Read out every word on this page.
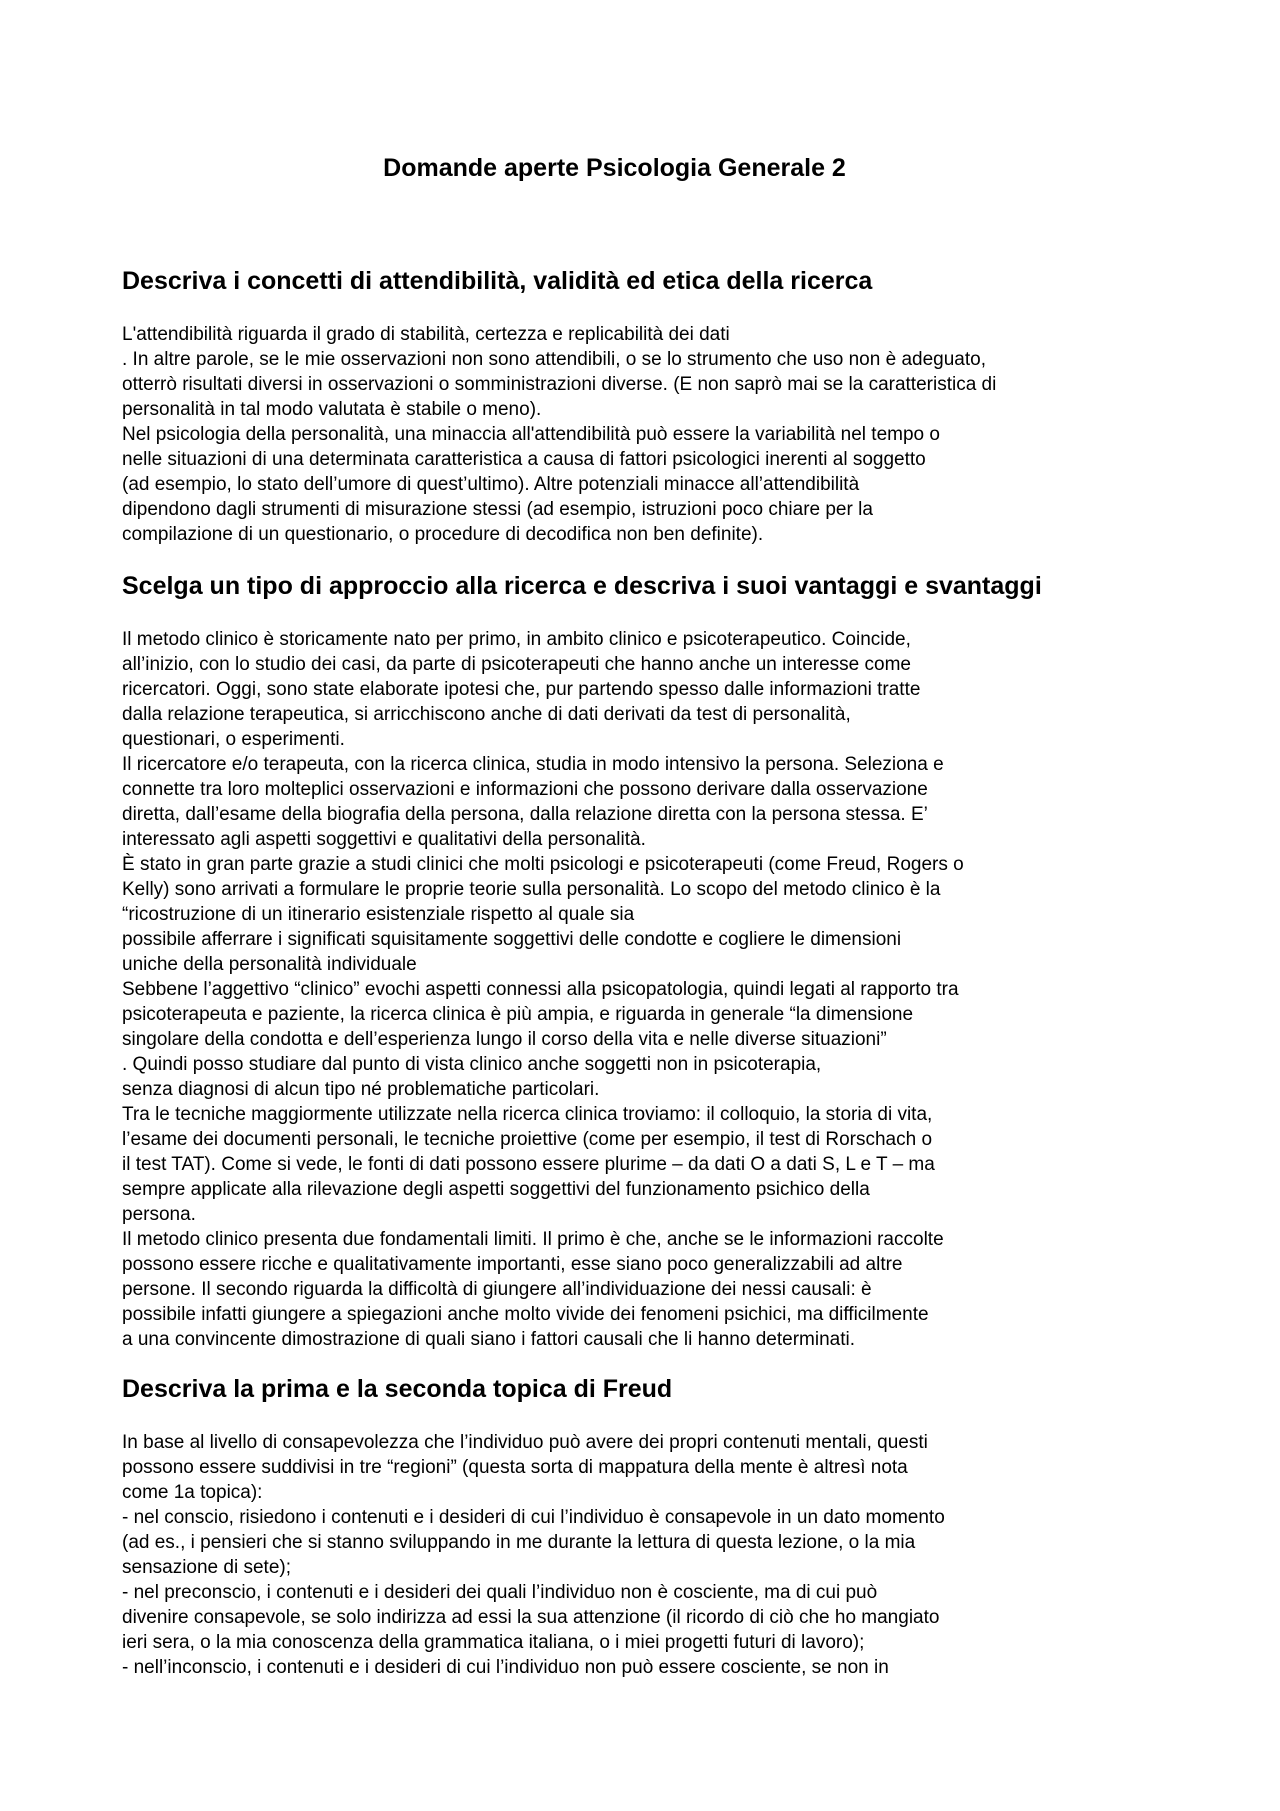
Domande aperte Psicologia Generale 2
Descriva i concetti di attendibilità, validità ed etica della ricerca
L'attendibilità riguarda il grado di stabilità, certezza e replicabilità dei dati
. In altre parole, se le mie osservazioni non sono attendibili, o se lo strumento che uso non è adeguato,
otterrò risultati diversi in osservazioni o somministrazioni diverse. (E non saprò mai se la caratteristica di
personalità in tal modo valutata è stabile o meno).
Nel psicologia della personalità, una minaccia all'attendibilità può essere la variabilità nel tempo o
nelle situazioni di una determinata caratteristica a causa di fattori psicologici inerenti al soggetto
(ad esempio, lo stato dell’umore di quest’ultimo). Altre potenziali minacce all’attendibilità
dipendono dagli strumenti di misurazione stessi (ad esempio, istruzioni poco chiare per la
compilazione di un questionario, o procedure di decodifica non ben definite).
Scelga un tipo di approccio alla ricerca e descriva i suoi vantaggi e svantaggi
Il metodo clinico è storicamente nato per primo, in ambito clinico e psicoterapeutico. Coincide,
all’inizio, con lo studio dei casi, da parte di psicoterapeuti che hanno anche un interesse come
ricercatori. Oggi, sono state elaborate ipotesi che, pur partendo spesso dalle informazioni tratte
dalla relazione terapeutica, si arricchiscono anche di dati derivati da test di personalità,
questionari, o esperimenti.
Il ricercatore e/o terapeuta, con la ricerca clinica, studia in modo intensivo la persona. Seleziona e
connette tra loro molteplici osservazioni e informazioni che possono derivare dalla osservazione
diretta, dall’esame della biografia della persona, dalla relazione diretta con la persona stessa. E’
interessato agli aspetti soggettivi e qualitativi della personalità.
È stato in gran parte grazie a studi clinici che molti psicologi e psicoterapeuti (come Freud, Rogers o
Kelly) sono arrivati a formulare le proprie teorie sulla personalità. Lo scopo del metodo clinico è la
“ricostruzione di un itinerario esistenziale rispetto al quale sia
possibile afferrare i significati squisitamente soggettivi delle condotte e cogliere le dimensioni
uniche della personalità individuale
Sebbene l’aggettivo “clinico” evochi aspetti connessi alla psicopatologia, quindi legati al rapporto tra
psicoterapeuta e paziente, la ricerca clinica è più ampia, e riguarda in generale “la dimensione
singolare della condotta e dell’esperienza lungo il corso della vita e nelle diverse situazioni”
. Quindi posso studiare dal punto di vista clinico anche soggetti non in psicoterapia,
senza diagnosi di alcun tipo né problematiche particolari.
Tra le tecniche maggiormente utilizzate nella ricerca clinica troviamo: il colloquio, la storia di vita,
l’esame dei documenti personali, le tecniche proiettive (come per esempio, il test di Rorschach o
il test TAT). Come si vede, le fonti di dati possono essere plurime – da dati O a dati S, L e T – ma
sempre applicate alla rilevazione degli aspetti soggettivi del funzionamento psichico della
persona.
Il metodo clinico presenta due fondamentali limiti. Il primo è che, anche se le informazioni raccolte
possono essere ricche e qualitativamente importanti, esse siano poco generalizzabili ad altre
persone. Il secondo riguarda la difficoltà di giungere all’individuazione dei nessi causali: è
possibile infatti giungere a spiegazioni anche molto vivide dei fenomeni psichici, ma difficilmente
a una convincente dimostrazione di quali siano i fattori causali che li hanno determinati.
Descriva la prima e la seconda topica di Freud
In base al livello di consapevolezza che l’individuo può avere dei propri contenuti mentali, questi
possono essere suddivisi in tre “regioni” (questa sorta di mappatura della mente è altresì nota
come 1a topica):
- nel conscio, risiedono i contenuti e i desideri di cui l’individuo è consapevole in un dato momento
(ad es., i pensieri che si stanno sviluppando in me durante la lettura di questa lezione, o la mia
sensazione di sete);
- nel preconscio, i contenuti e i desideri dei quali l’individuo non è cosciente, ma di cui può
divenire consapevole, se solo indirizza ad essi la sua attenzione (il ricordo di ciò che ho mangiato
ieri sera, o la mia conoscenza della grammatica italiana, o i miei progetti futuri di lavoro);
- nell’inconscio, i contenuti e i desideri di cui l’individuo non può essere cosciente, se non in
